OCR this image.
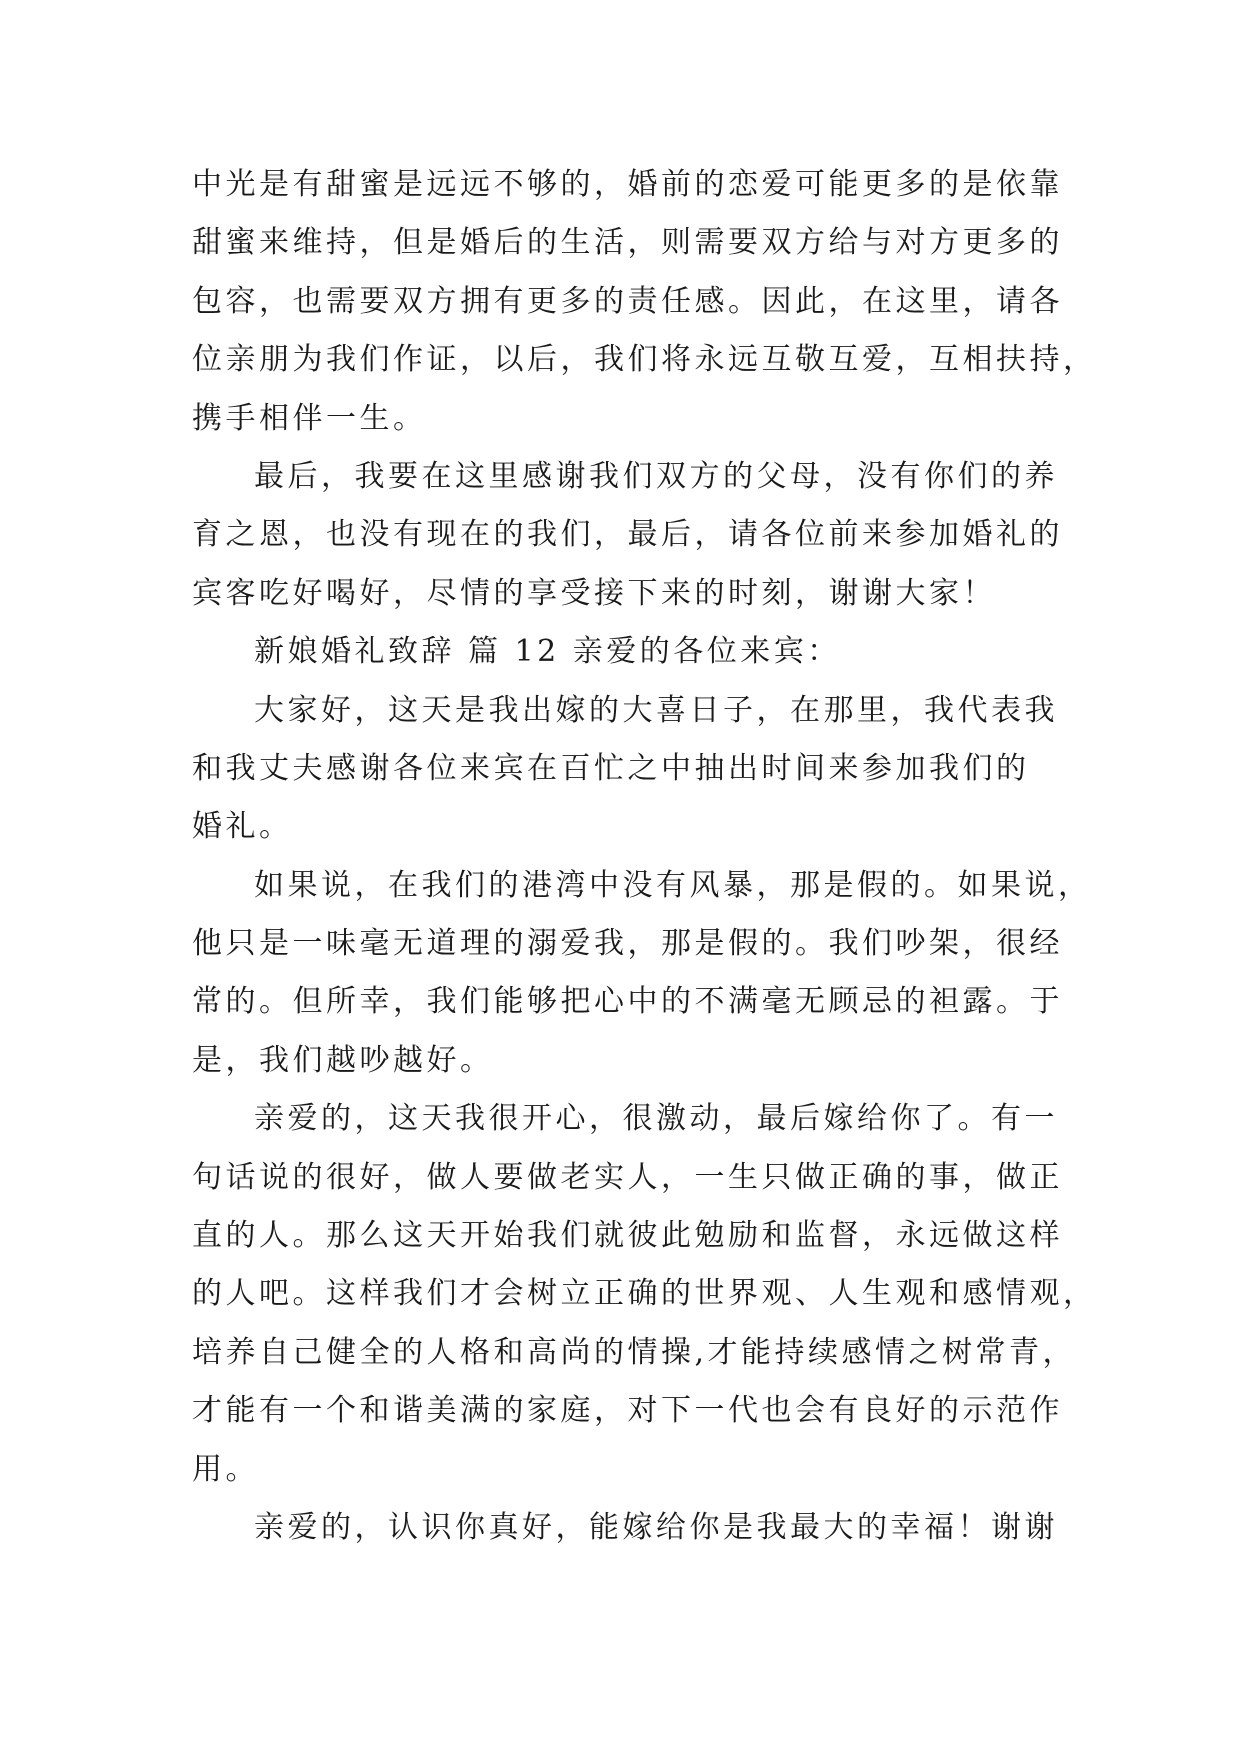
中光是有甜蜜是远远不够的，婚前的恋爱可能更多的是依靠
甜蜜来维持，但是婚后的生活，则需要双方给与对方更多的
包容，也需要双方拥有更多的责任感。因此，在这里，请各
位亲朋为我们作证，以后，我们将永远互敬互爱，互相扶持，
携手相伴一生。
最后，我要在这里感谢我们双方的父母，没有你们的养
育之恩，也没有现在的我们，最后，请各位前来参加婚礼的
宾客吃好喝好，尽情的享受接下来的时刻，谢谢大家！
新娘婚礼致辞 篇 12 亲爱的各位来宾：
大家好，这天是我出嫁的大喜日子，在那里，我代表我
和我丈夫感谢各位来宾在百忙之中抽出时间来参加我们的
婚礼。
如果说，在我们的港湾中没有风暴，那是假的。如果说，
他只是一味毫无道理的溺爱我，那是假的。我们吵架，很经
常的。但所幸，我们能够把心中的不满毫无顾忌的袒露。于
是，我们越吵越好。
亲爱的，这天我很开心，很激动，最后嫁给你了。有一
句话说的很好，做人要做老实人，一生只做正确的事，做正
直的人。那么这天开始我们就彼此勉励和监督，永远做这样
的人吧。这样我们才会树立正确的世界观、人生观和感情观，
培养自己健全的人格和高尚的情操,才能持续感情之树常青，
才能有一个和谐美满的家庭，对下一代也会有良好的示范作
用。
亲爱的，认识你真好，能嫁给你是我最大的幸福！谢谢
